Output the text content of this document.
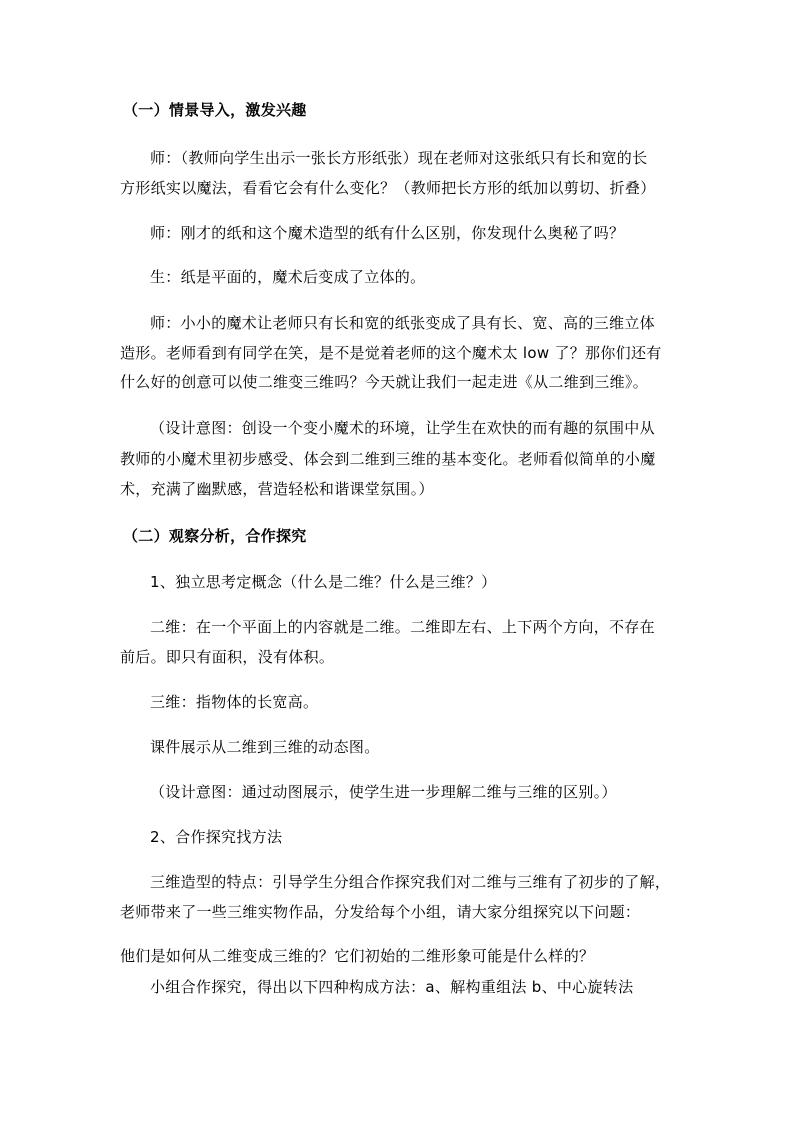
（一）情景导入，激发兴趣
师：（教师向学生出示一张长方形纸张）现在老师对这张纸只有长和宽的长
方形纸实以魔法，看看它会有什么变化？（教师把长方形的纸加以剪切、折叠）
师：刚才的纸和这个魔术造型的纸有什么区别，你发现什么奥秘了吗？
生：纸是平面的，魔术后变成了立体的。
师：小小的魔术让老师只有长和宽的纸张变成了具有长、宽、高的三维立体
造形。老师看到有同学在笑，是不是觉着老师的这个魔术太 low 了？那你们还有
什么好的创意可以使二维变三维吗？今天就让我们一起走进《从二维到三维》。
（设计意图：创设一个变小魔术的环境，让学生在欢快的而有趣的氛围中从
教师的小魔术里初步感受、体会到二维到三维的基本变化。老师看似简单的小魔
术，充满了幽默感，营造轻松和谐课堂氛围。）
（二）观察分析，合作探究
1、独立思考定概念（什么是二维？什么是三维？）
二维：在一个平面上的内容就是二维。二维即左右、上下两个方向，不存在
前后。即只有面积，没有体积。
三维：指物体的长宽高。
课件展示从二维到三维的动态图。
（设计意图：通过动图展示，使学生进一步理解二维与三维的区别。）
2、合作探究找方法
三维造型的特点：引导学生分组合作探究我们对二维与三维有了初步的了解，
老师带来了一些三维实物作品，分发给每个小组，请大家分组探究以下问题：
他们是如何从二维变成三维的？它们初始的二维形象可能是什么样的？
小组合作探究，得出以下四种构成方法：a、解构重组法 b、中心旋转法
